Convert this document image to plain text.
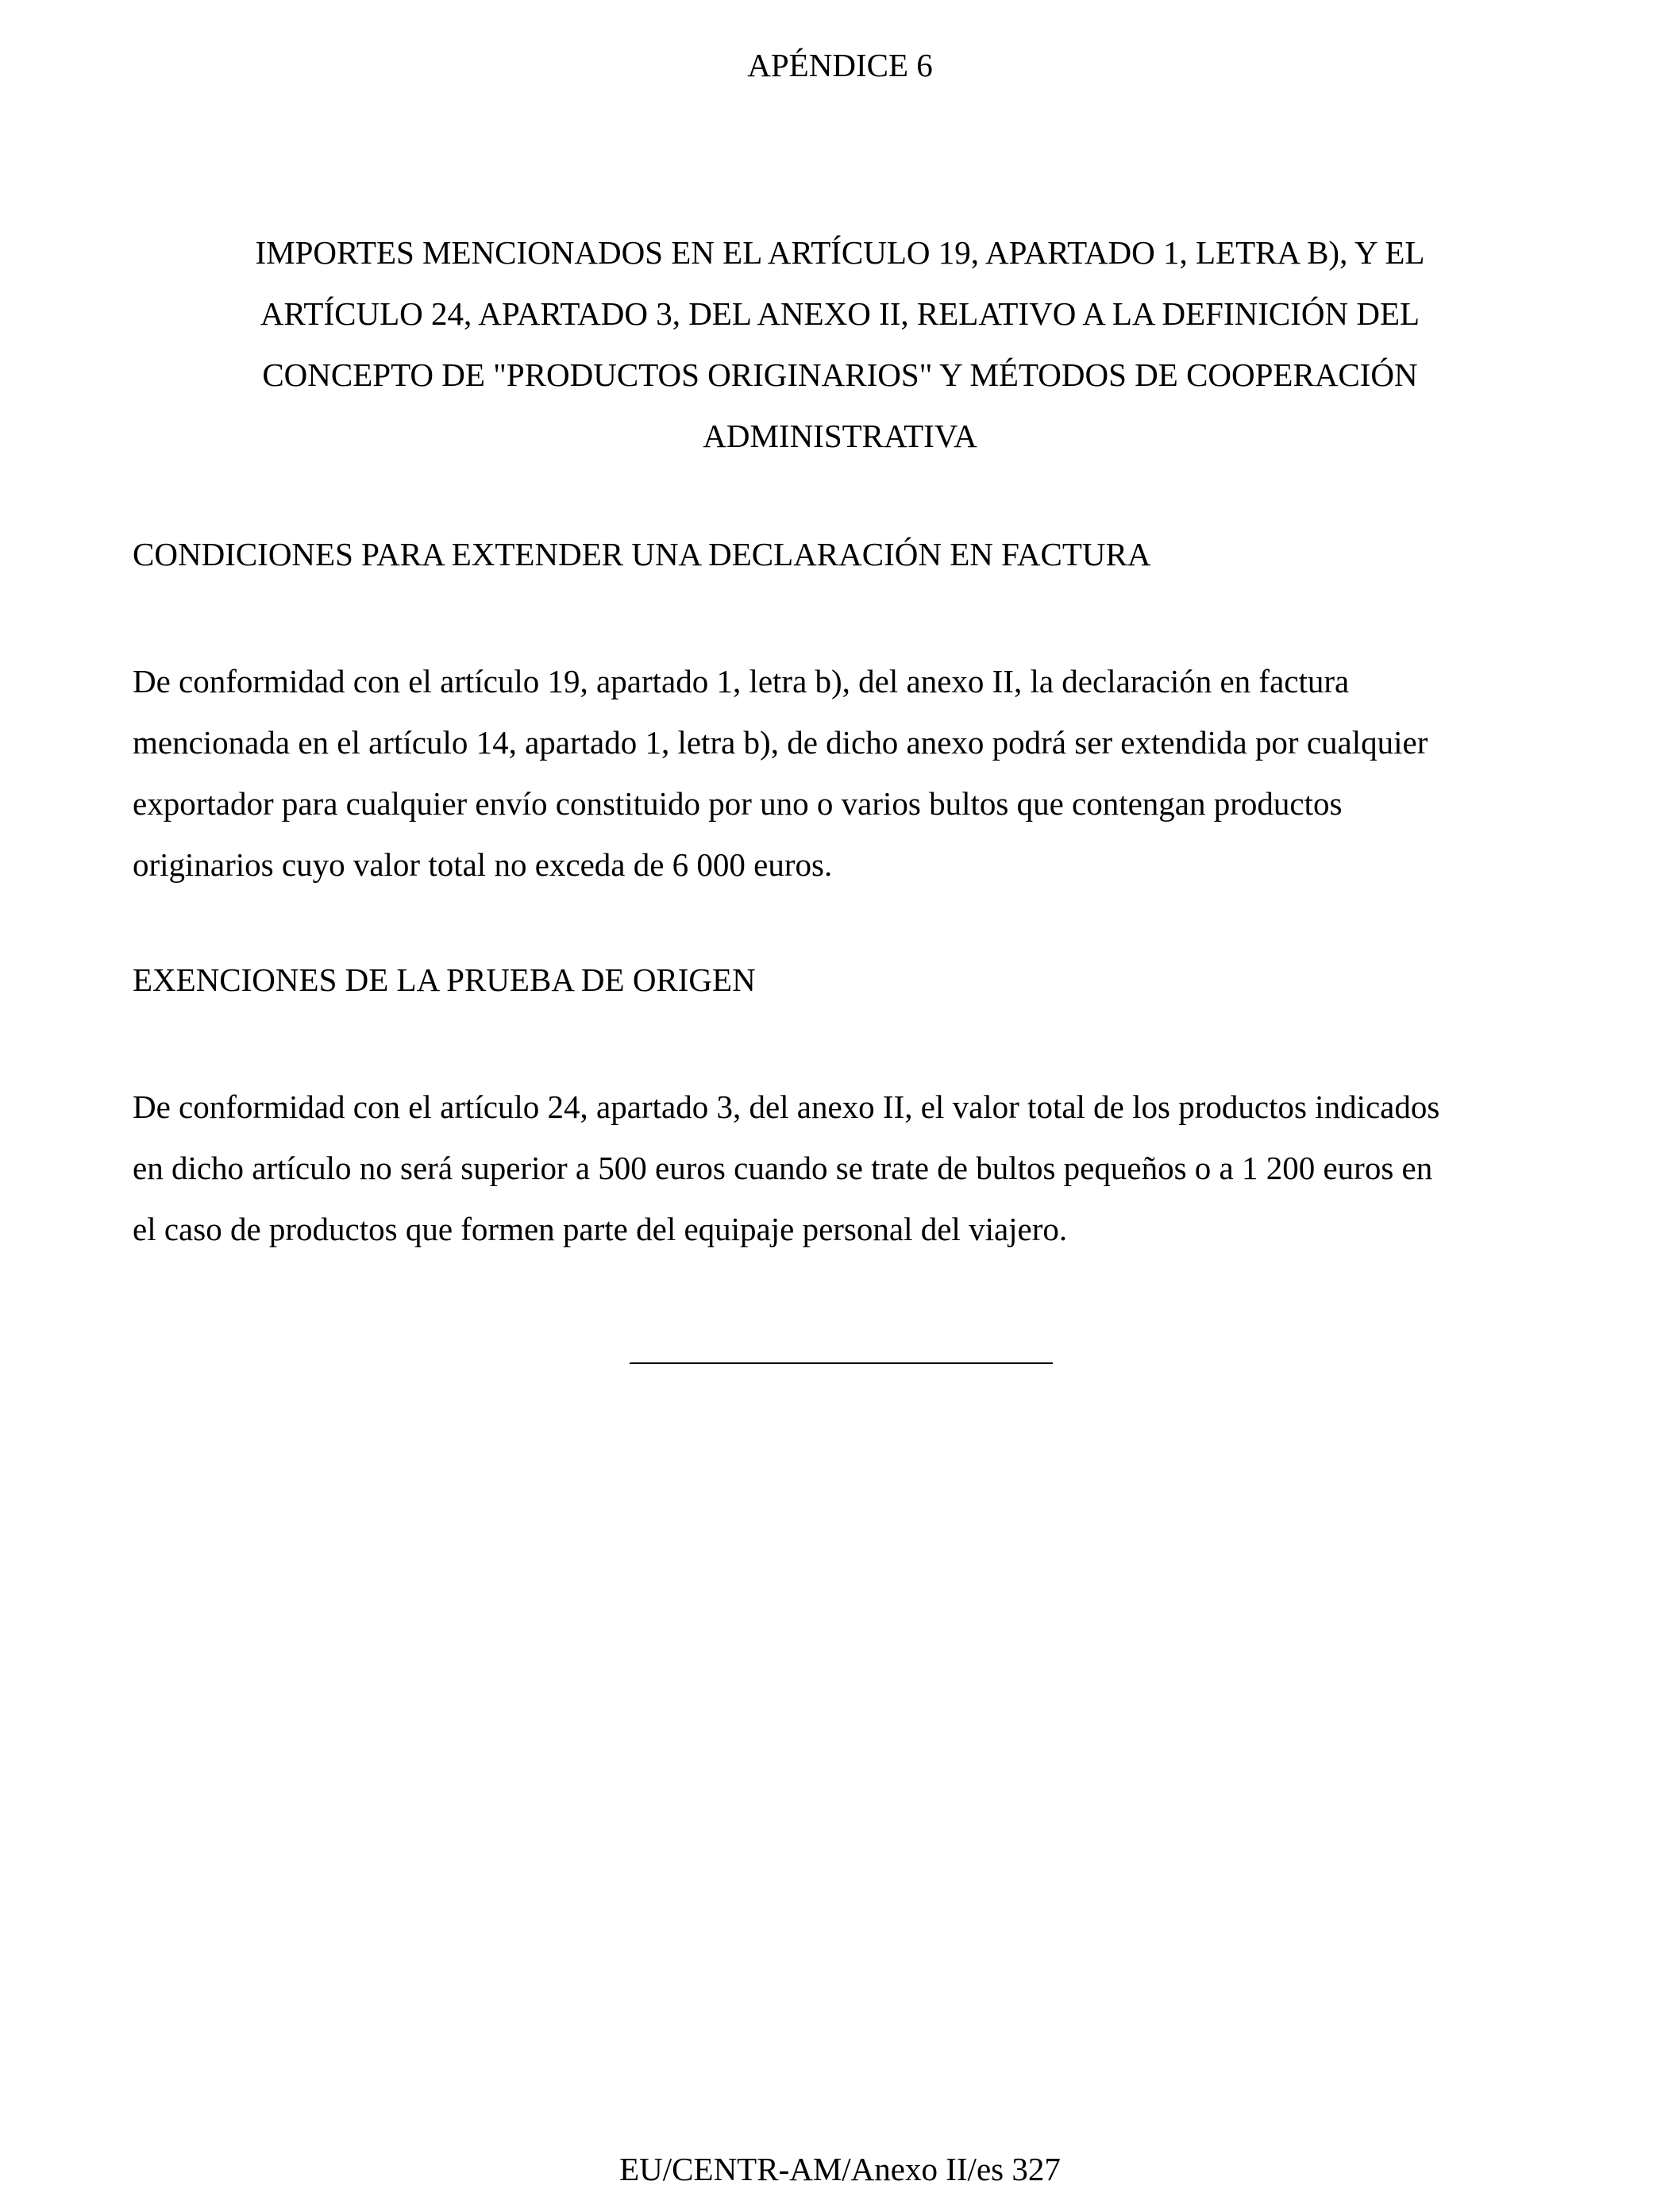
APÉNDICE 6
IMPORTES MENCIONADOS EN EL ARTÍCULO 19, APARTADO 1, LETRA B), Y EL
ARTÍCULO 24, APARTADO 3, DEL ANEXO II, RELATIVO A LA DEFINICIÓN DEL
CONCEPTO DE "PRODUCTOS ORIGINARIOS" Y MÉTODOS DE COOPERACIÓN
ADMINISTRATIVA
CONDICIONES PARA EXTENDER UNA DECLARACIÓN EN FACTURA
De conformidad con el artículo 19, apartado 1, letra b), del anexo II, la declaración en factura
mencionada en el artículo 14, apartado 1, letra b), de dicho anexo podrá ser extendida por cualquier
exportador para cualquier envío constituido por uno o varios bultos que contengan productos
originarios cuyo valor total no exceda de 6 000 euros.
EXENCIONES DE LA PRUEBA DE ORIGEN
De conformidad con el artículo 24, apartado 3, del anexo II, el valor total de los productos indicados
en dicho artículo no será superior a 500 euros cuando se trate de bultos pequeños o a 1 200 euros en
el caso de productos que formen parte del equipaje personal del viajero.
EU/CENTR-AM/Anexo II/es 327
